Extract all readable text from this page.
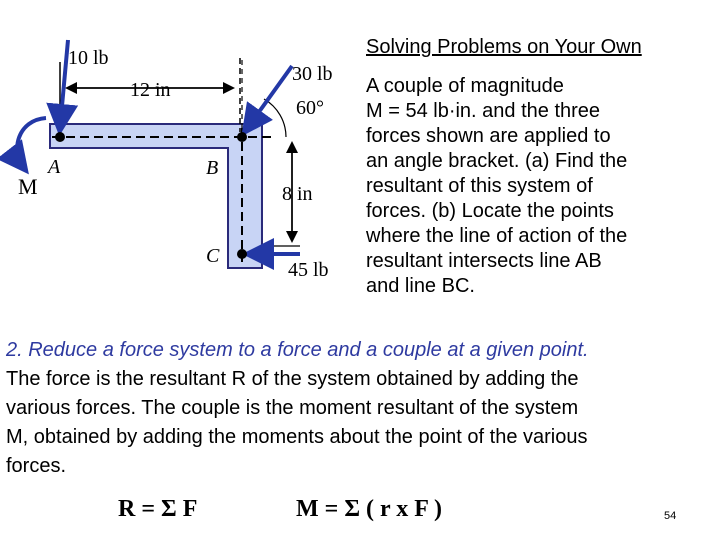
10 lb
12 in
30 lb
60°
A	B
C
M	8 in
45 lb
Solving Problems on Your Own
A couple of magnitude
M = 54 lb·in. and the three
forces shown are applied to
an angle bracket. (a) Find the
resultant of this system of
forces. (b) Locate the points
where the line of action of the
resultant intersects line AB
and line BC.
2. Reduce a force system to a force and a couple at a given point.
The force is the resultant R of the system obtained by adding the
various forces. The couple is the moment resultant of the system
M, obtained by adding the moments about the point of the various
forces.
R = Σ F	M = Σ ( r x F )	54
